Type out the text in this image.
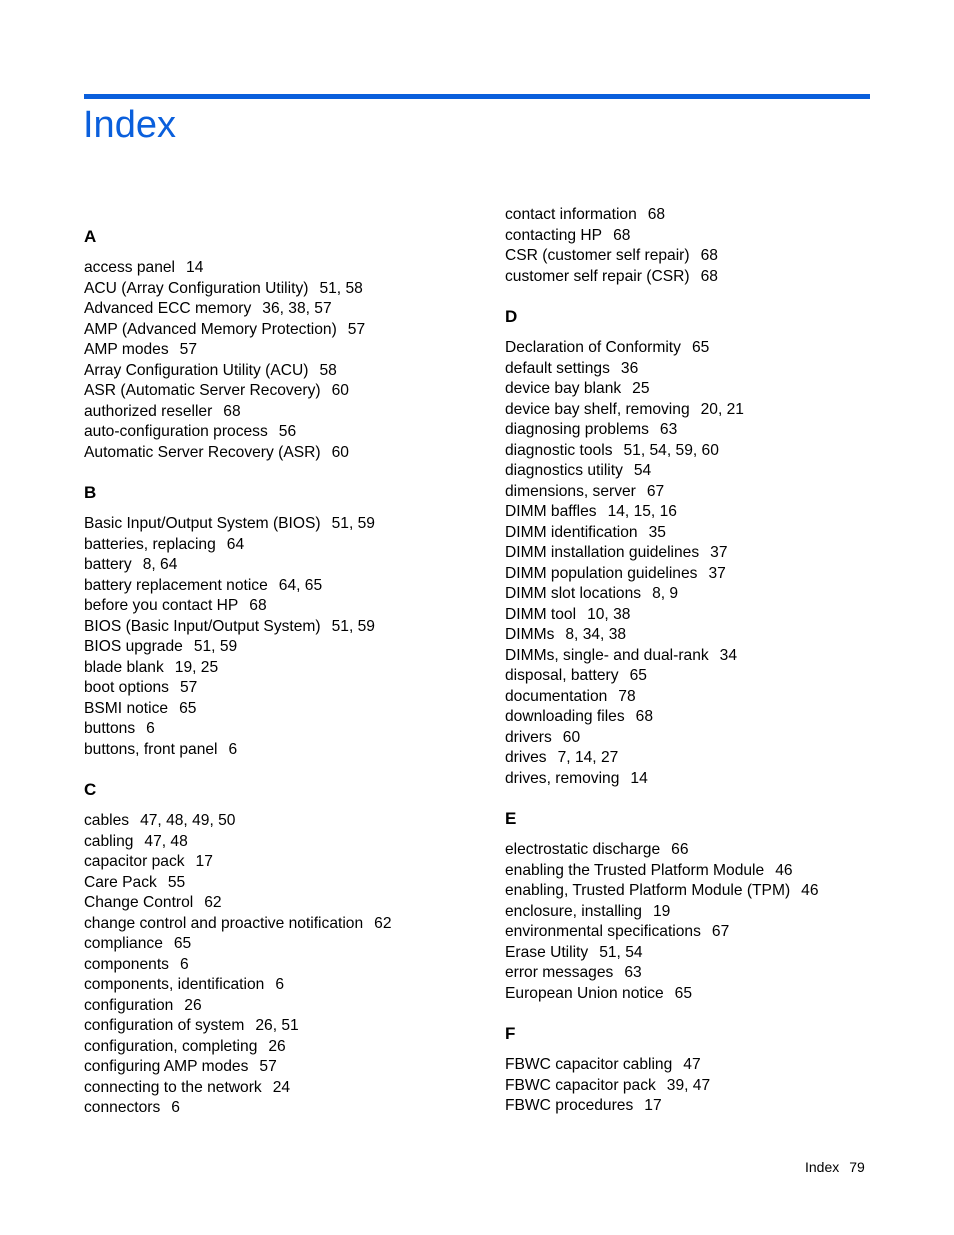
Index
A
access panel 14
ACU (Array Configuration Utility) 51, 58
Advanced ECC memory 36, 38, 57
AMP (Advanced Memory Protection) 57
AMP modes 57
Array Configuration Utility (ACU) 58
ASR (Automatic Server Recovery) 60
authorized reseller 68
auto-configuration process 56
Automatic Server Recovery (ASR) 60
B
Basic Input/Output System (BIOS) 51, 59
batteries, replacing 64
battery 8, 64
battery replacement notice 64, 65
before you contact HP 68
BIOS (Basic Input/Output System) 51, 59
BIOS upgrade 51, 59
blade blank 19, 25
boot options 57
BSMI notice 65
buttons 6
buttons, front panel 6
C
cables 47, 48, 49, 50
cabling 47, 48
capacitor pack 17
Care Pack 55
Change Control 62
change control and proactive notification 62
compliance 65
components 6
components, identification 6
configuration 26
configuration of system 26, 51
configuration, completing 26
configuring AMP modes 57
connecting to the network 24
connectors 6
contact information 68
contacting HP 68
CSR (customer self repair) 68
customer self repair (CSR) 68
D
Declaration of Conformity 65
default settings 36
device bay blank 25
device bay shelf, removing 20, 21
diagnosing problems 63
diagnostic tools 51, 54, 59, 60
diagnostics utility 54
dimensions, server 67
DIMM baffles 14, 15, 16
DIMM identification 35
DIMM installation guidelines 37
DIMM population guidelines 37
DIMM slot locations 8, 9
DIMM tool 10, 38
DIMMs 8, 34, 38
DIMMs, single- and dual-rank 34
disposal, battery 65
documentation 78
downloading files 68
drivers 60
drives 7, 14, 27
drives, removing 14
E
electrostatic discharge 66
enabling the Trusted Platform Module 46
enabling, Trusted Platform Module (TPM) 46
enclosure, installing 19
environmental specifications 67
Erase Utility 51, 54
error messages 63
European Union notice 65
F
FBWC capacitor cabling 47
FBWC capacitor pack 39, 47
FBWC procedures 17
Index 79
